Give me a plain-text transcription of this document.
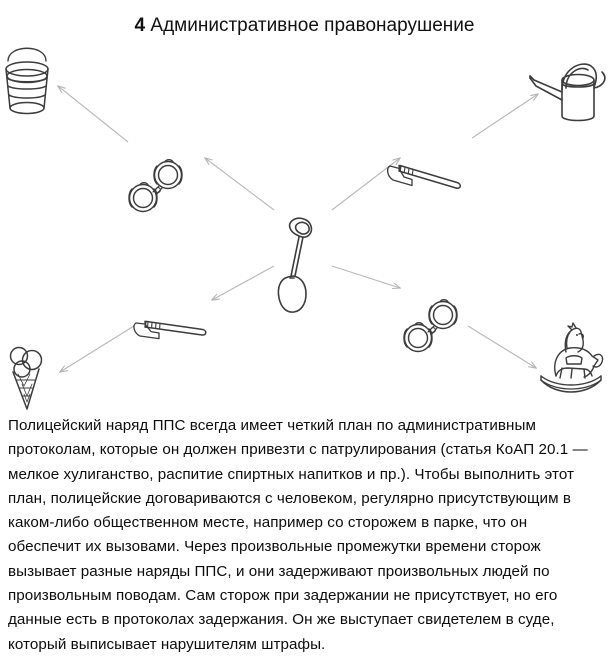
4 Административное правонарушение

Полицейский наряд ППС всегда имеет четкий план по административным протоколам, которые он должен привезти с патрулирования (статья КоАП 20.1 — мелкое хулиганство, распитие спиртных напитков и пр.). Чтобы выполнить этот план, полицейские договариваются с человеком, регулярно присутствующим в каком-либо общественном месте, например со сторожем в парке, что он обеспечит их вызовами. Через произвольные промежутки времени сторож вызывает разные наряды ППС, и они задерживают произвольных людей по произвольным поводам. Сам сторож при задержании не присутствует, но его данные есть в протоколах задержания. Он же выступает свидетелем в суде, который выписывает нарушителям штрафы.
